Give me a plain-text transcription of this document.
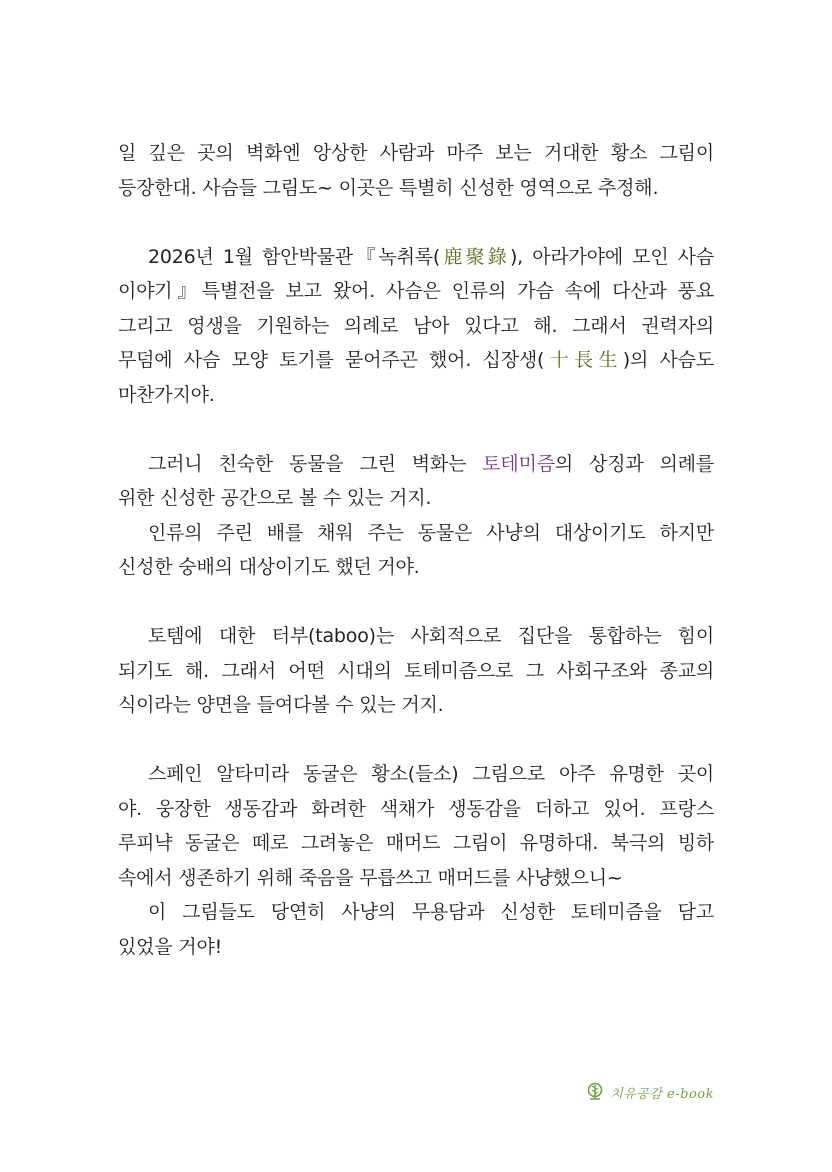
일 깊은 곳의 벽화엔 앙상한 사람과 마주 보는 거대한 황소 그림이
등장한대. 사슴들 그림도~ 이곳은 특별히 신성한 영역으로 추정해.
2026년 1월 함안박물관『녹취록(鹿聚錄), 아라가야에 모인 사슴
이야기』특별전을 보고 왔어. 사슴은 인류의 가슴 속에 다산과 풍요
그리고 영생을 기원하는 의례로 남아 있다고 해. 그래서 권력자의
무덤에 사슴 모양 토기를 묻어주곤 했어. 십장생(十長生)의 사슴도
마찬가지야.
그러니 친숙한 동물을 그린 벽화는 토테미즘의 상징과 의례를
위한 신성한 공간으로 볼 수 있는 거지.
인류의 주린 배를 채워 주는 동물은 사냥의 대상이기도 하지만
신성한 숭배의 대상이기도 했던 거야.
토템에 대한 터부(taboo)는 사회적으로 집단을 통합하는 힘이
되기도 해. 그래서 어떤 시대의 토테미즘으로 그 사회구조와 종교의
식이라는 양면을 들여다볼 수 있는 거지.
스페인 알타미라 동굴은 황소(들소) 그림으로 아주 유명한 곳이
야. 웅장한 생동감과 화려한 색채가 생동감을 더하고 있어. 프랑스
루피냑 동굴은 떼로 그려놓은 매머드 그림이 유명하대. 북극의 빙하
속에서 생존하기 위해 죽음을 무릅쓰고 매머드를 사냥했으니~
이 그림들도 당연히 사냥의 무용담과 신성한 토테미즘을 담고
있었을 거야!
치유공감 e-book
